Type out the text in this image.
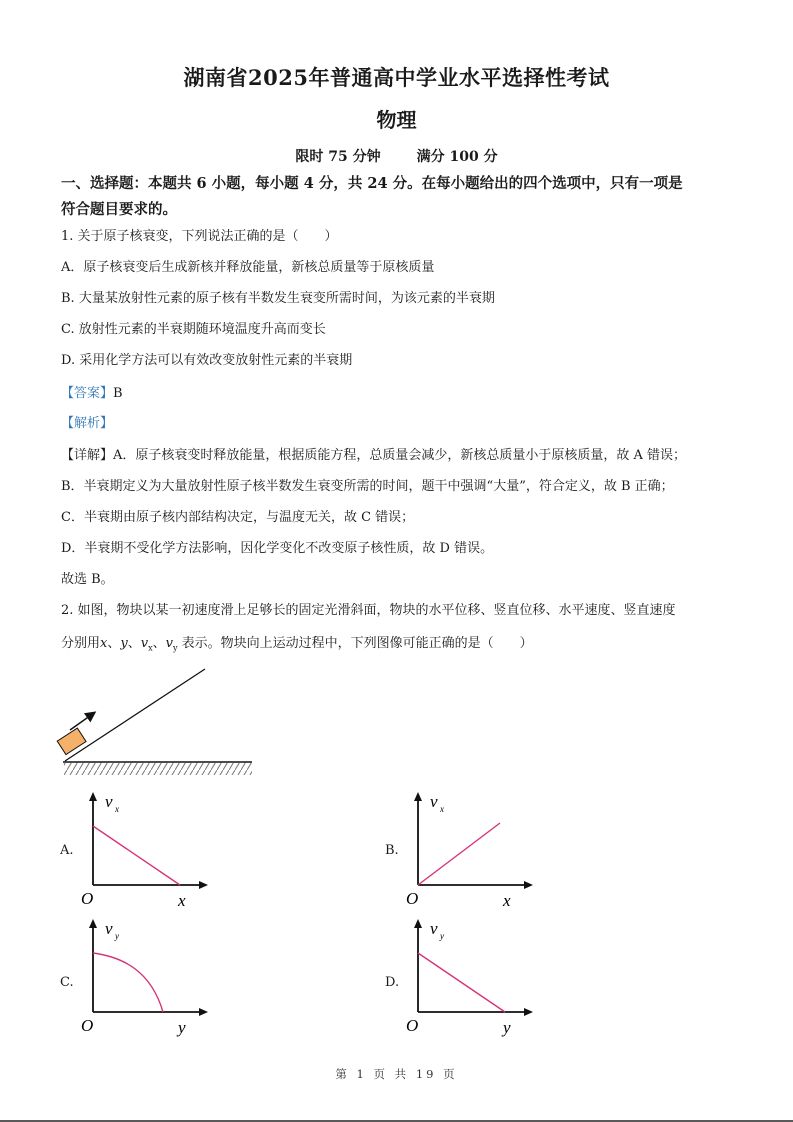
湖南省2025年普通高中学业水平选择性考试
物理
限时 75 分钟	满分 100 分
一、选择题：本题共 6 小题，每小题 4 分，共 24 分。在每小题给出的四个选项中，只有一项是
符合题目要求的。
1. 关于原子核衰变，下列说法正确的是（　　）
A．原子核衰变后生成新核并释放能量，新核总质量等于原核质量
B. 大量某放射性元素的原子核有半数发生衰变所需时间，为该元素的半衰期
C. 放射性元素的半衰期随环境温度升高而变长
D. 采用化学方法可以有效改变放射性元素的半衰期
【答案】B
【解析】
【详解】A．原子核衰变时释放能量，根据质能方程，总质量会减少，新核总质量小于原核质量，故 A 错误；
B．半衰期定义为大量放射性原子核半数发生衰变所需的时间，题干中强调“大量”，符合定义，故 B 正确；
C．半衰期由原子核内部结构决定，与温度无关，故 C 错误；
D．半衰期不受化学方法影响，因化学变化不改变原子核性质，故 D 错误。
故选 B。
2. 如图，物块以某一初速度滑上足够长的固定光滑斜面，物块的水平位移、竖直位移、水平速度、竖直速度
分别用x、y、$v_x$、$v_y$ 表示。物块向上运动过程中，下列图像可能正确的是（　　）
A.
v x
O	x
B.
v x
O	x
C.
v y
O	y
D.
v y
O	y
第 1 页 共 19 页
